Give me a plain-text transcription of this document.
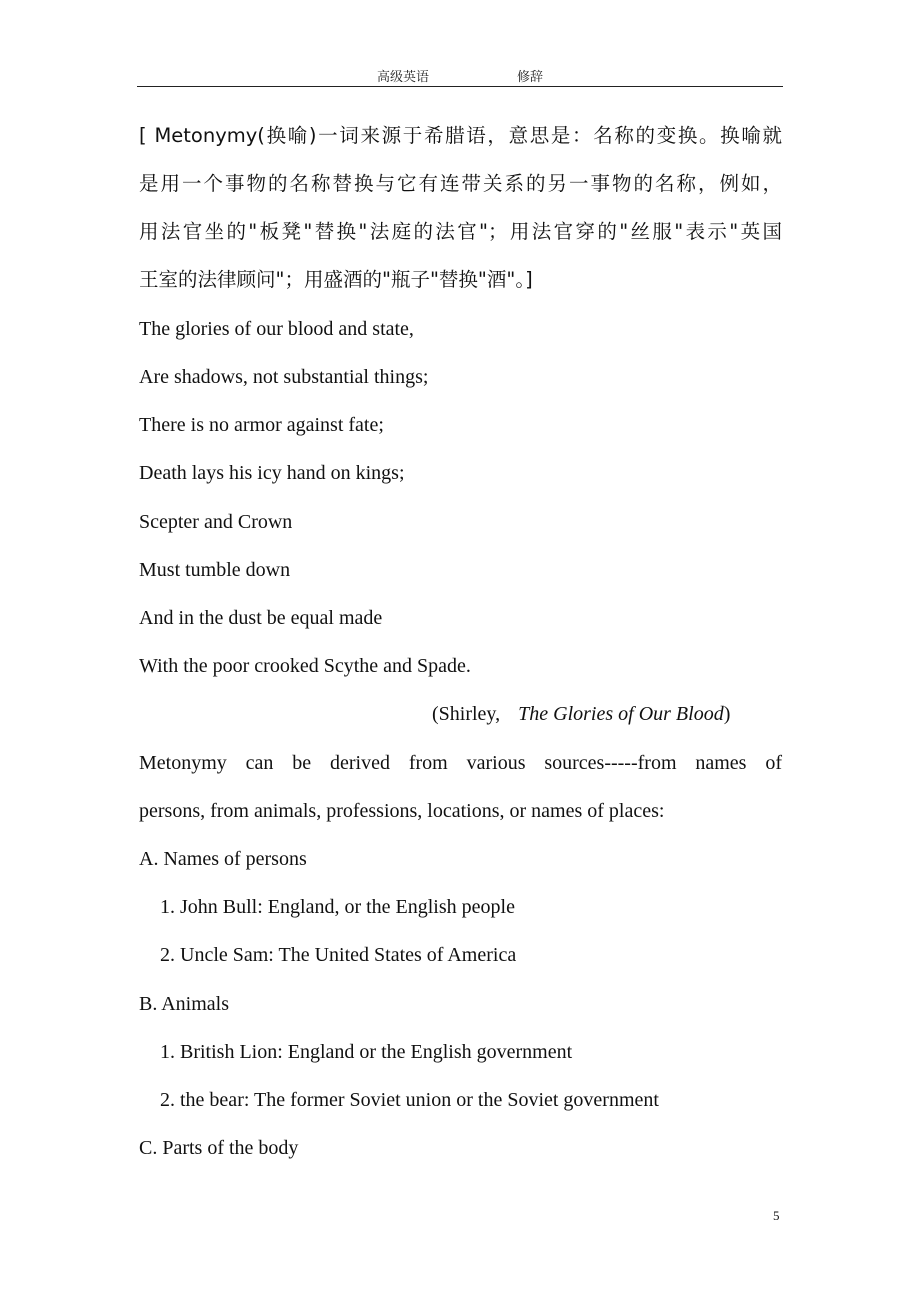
高级英语	修辞
[ Metonymy(换喻)一词来源于希腊语，意思是：名称的变换。换喻就
是用一个事物的名称替换与它有连带关系的另一事物的名称，例如，
用法官坐的"板凳"替换"法庭的法官"；用法官穿的"丝服"表示"英国
王室的法律顾问"；用盛酒的"瓶子"替换"酒"。]
The glories of our blood and state,
Are shadows, not substantial things;
There is no armor against fate;
Death lays his icy hand on kings;
Scepter and Crown
Must tumble down
And in the dust be equal made
With the poor crooked Scythe and Spade.
(Shirley, The Glories of Our Blood)
Metonymy can be derived from various sources-----from names of
persons, from animals, professions, locations, or names of places:
A. Names of persons
1. John Bull: England, or the English people
2. Uncle Sam: The United States of America
B. Animals
1. British Lion: England or the English government
2. the bear: The former Soviet union or the Soviet government
C. Parts of the body
5
